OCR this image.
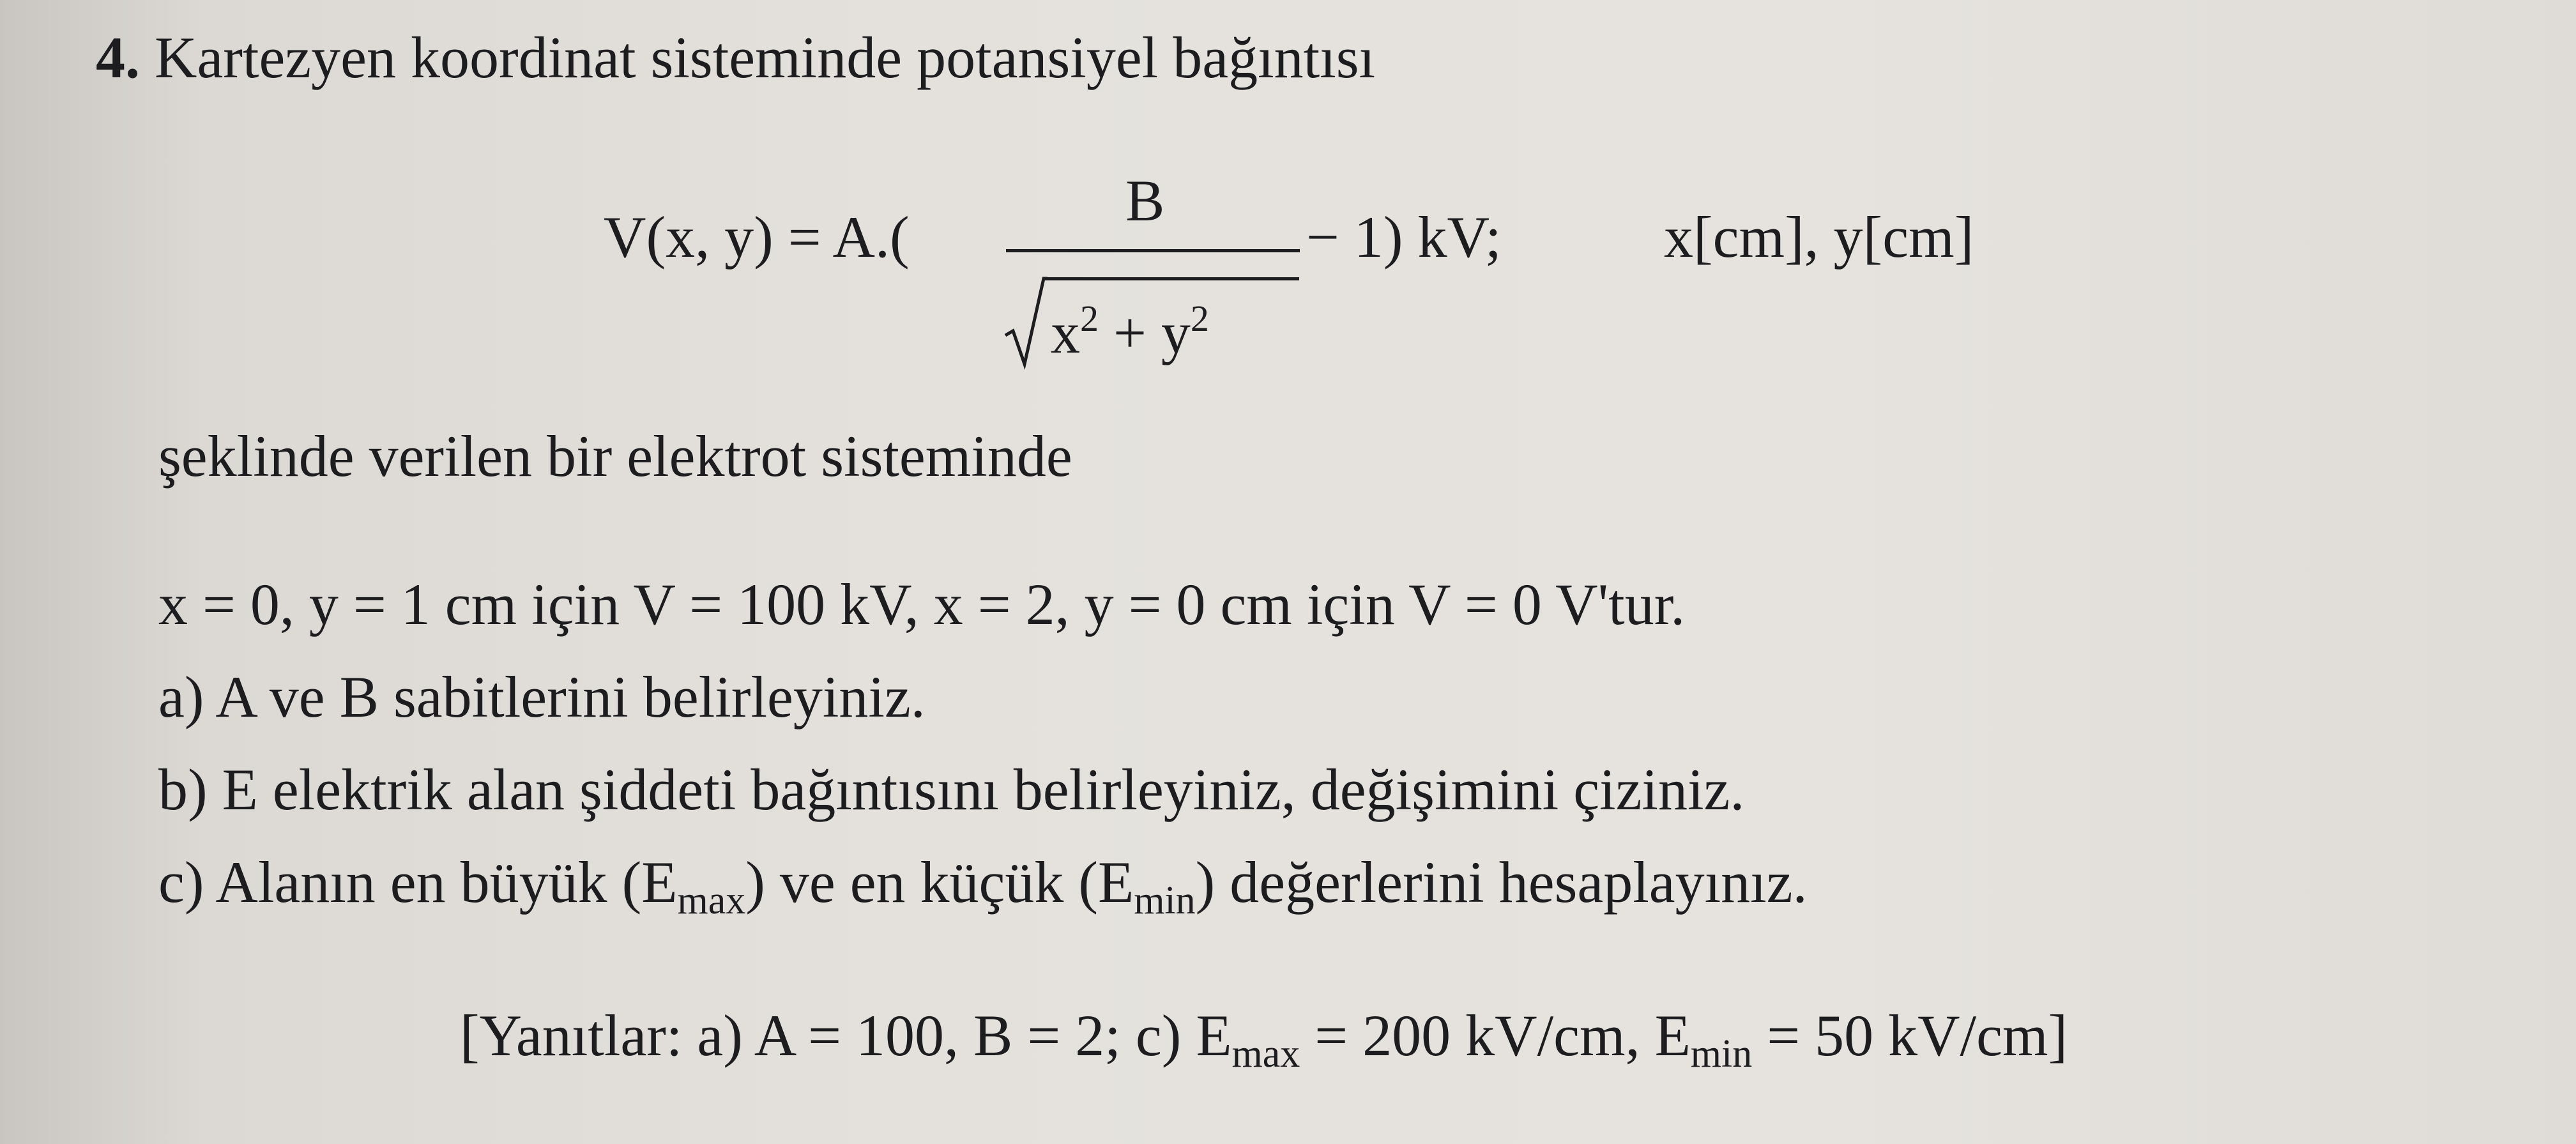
4. Kartezyen koordinat sisteminde potansiyel bağıntısı
V(x, y) = A.(
B
$x^2 + y^2$
− 1) kV;	x[cm], y[cm]
şeklinde verilen bir elektrot sisteminde
x = 0, y = 1 cm için V = 100 kV, x = 2, y = 0 cm için V = 0 V'tur.
a) A ve B sabitlerini belirleyiniz.
b) E elektrik alan şiddeti bağıntısını belirleyiniz, değişimini çiziniz.
c) Alanın en büyük (Emax) ve en küçük (Emin) değerlerini hesaplayınız.
[Yanıtlar: a) A = 100, B = 2; c) Emax = 200 kV/cm, Emin = 50 kV/cm]
